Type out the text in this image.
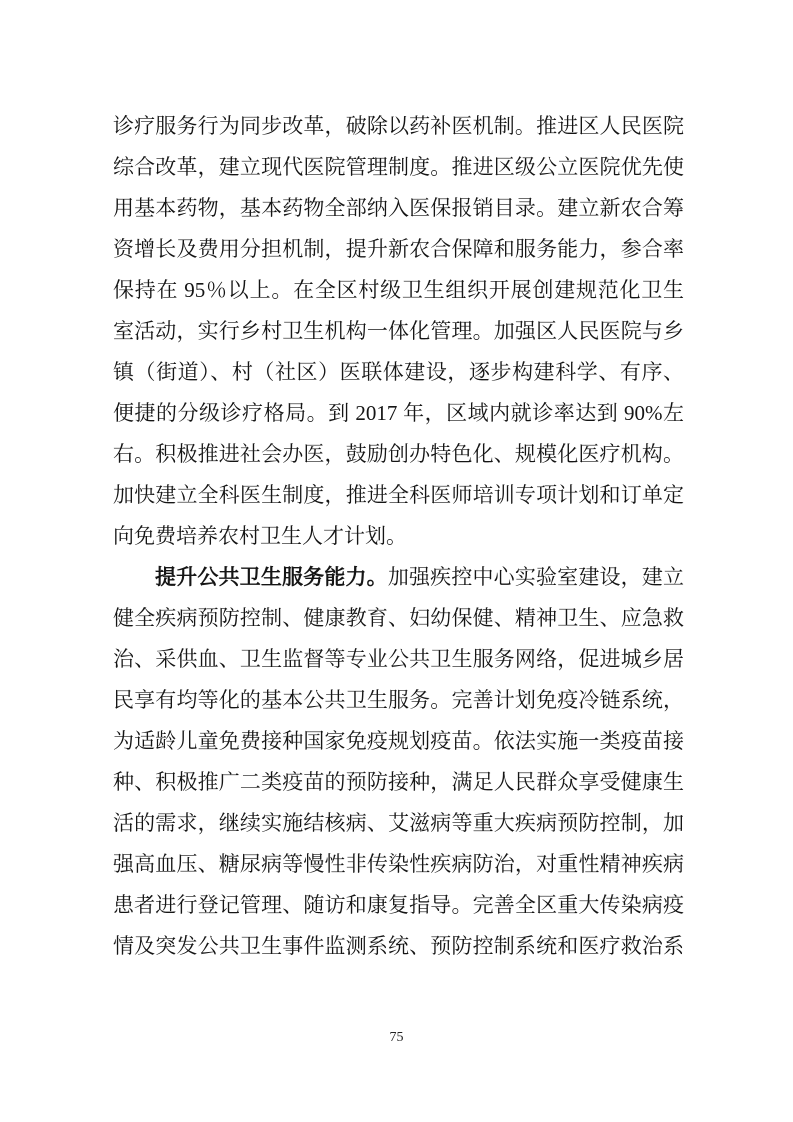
诊疗服务行为同步改革，破除以药补医机制。推进区人民医院
综合改革，建立现代医院管理制度。推进区级公立医院优先使
用基本药物，基本药物全部纳入医保报销目录。建立新农合筹
资增长及费用分担机制，提升新农合保障和服务能力，参合率
保持在 95％以上。在全区村级卫生组织开展创建规范化卫生
室活动，实行乡村卫生机构一体化管理。加强区人民医院与乡
镇（街道）、村（社区）医联体建设，逐步构建科学、有序、
便捷的分级诊疗格局。到 2017 年，区域内就诊率达到 90%左
右。积极推进社会办医，鼓励创办特色化、规模化医疗机构。
加快建立全科医生制度，推进全科医师培训专项计划和订单定
向免费培养农村卫生人才计划。
提升公共卫生服务能力。加强疾控中心实验室建设，建立
健全疾病预防控制、健康教育、妇幼保健、精神卫生、应急救
治、采供血、卫生监督等专业公共卫生服务网络，促进城乡居
民享有均等化的基本公共卫生服务。完善计划免疫冷链系统，
为适龄儿童免费接种国家免疫规划疫苗。依法实施一类疫苗接
种、积极推广二类疫苗的预防接种，满足人民群众享受健康生
活的需求，继续实施结核病、艾滋病等重大疾病预防控制，加
强高血压、糖尿病等慢性非传染性疾病防治，对重性精神疾病
患者进行登记管理、随访和康复指导。完善全区重大传染病疫
情及突发公共卫生事件监测系统、预防控制系统和医疗救治系
75
